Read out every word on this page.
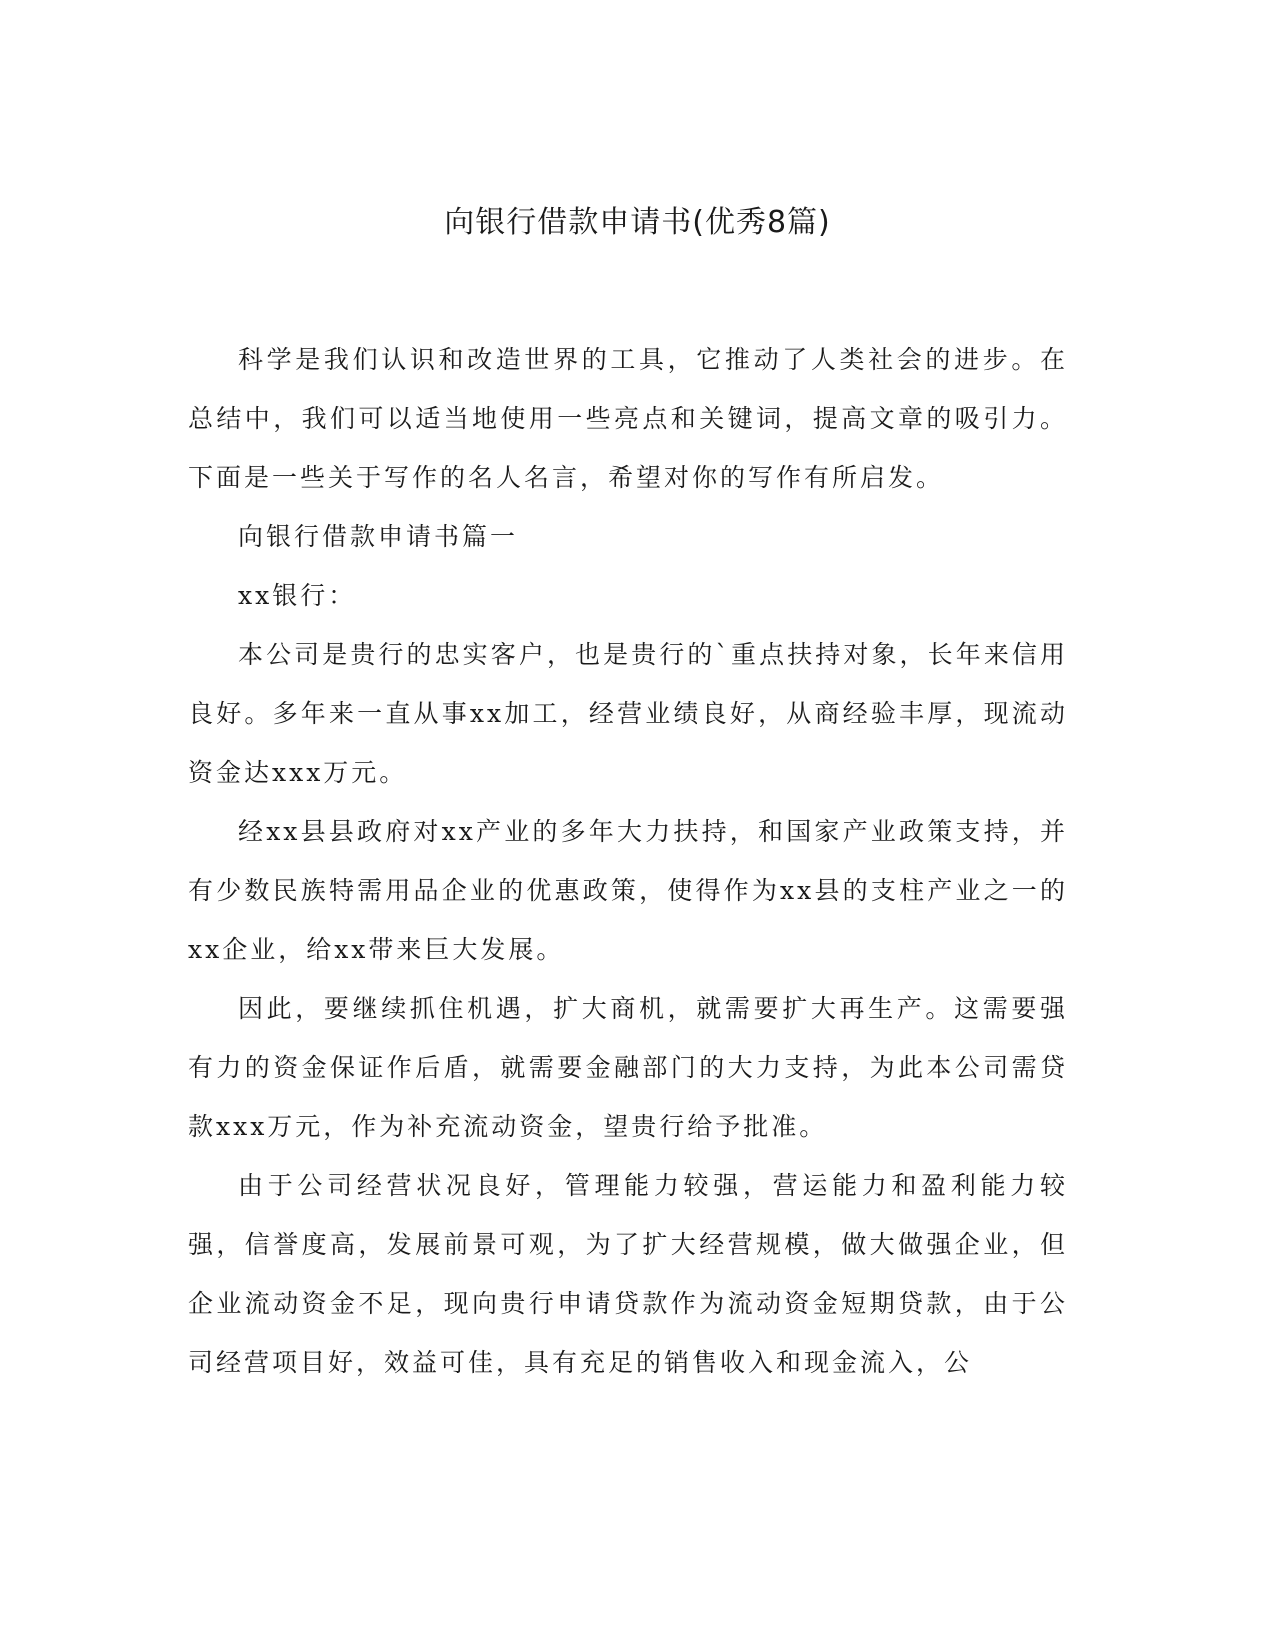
向银行借款申请书(优秀8篇)

科学是我们认识和改造世界的工具，它推动了人类社会的进步。在总结中，我们可以适当地使用一些亮点和关键词，提高文章的吸引力。下面是一些关于写作的名人名言，希望对你的写作有所启发。

向银行借款申请书篇一

xx银行：

本公司是贵行的忠实客户，也是贵行的`重点扶持对象，长年来信用良好。多年来一直从事xx加工，经营业绩良好，从商经验丰厚，现流动资金达xxx万元。

经xx县县政府对xx产业的多年大力扶持，和国家产业政策支持，并有少数民族特需用品企业的优惠政策，使得作为xx县的支柱产业之一的xx企业，给xx带来巨大发展。

因此，要继续抓住机遇，扩大商机，就需要扩大再生产。这需要强有力的资金保证作后盾，就需要金融部门的大力支持，为此本公司需贷款xxx万元，作为补充流动资金，望贵行给予批准。

由于公司经营状况良好，管理能力较强，营运能力和盈利能力较强，信誉度高，发展前景可观，为了扩大经营规模，做大做强企业，但企业流动资金不足，现向贵行申请贷款作为流动资金短期贷款，由于公司经营项目好，效益可佳，具有充足的销售收入和现金流入，公
